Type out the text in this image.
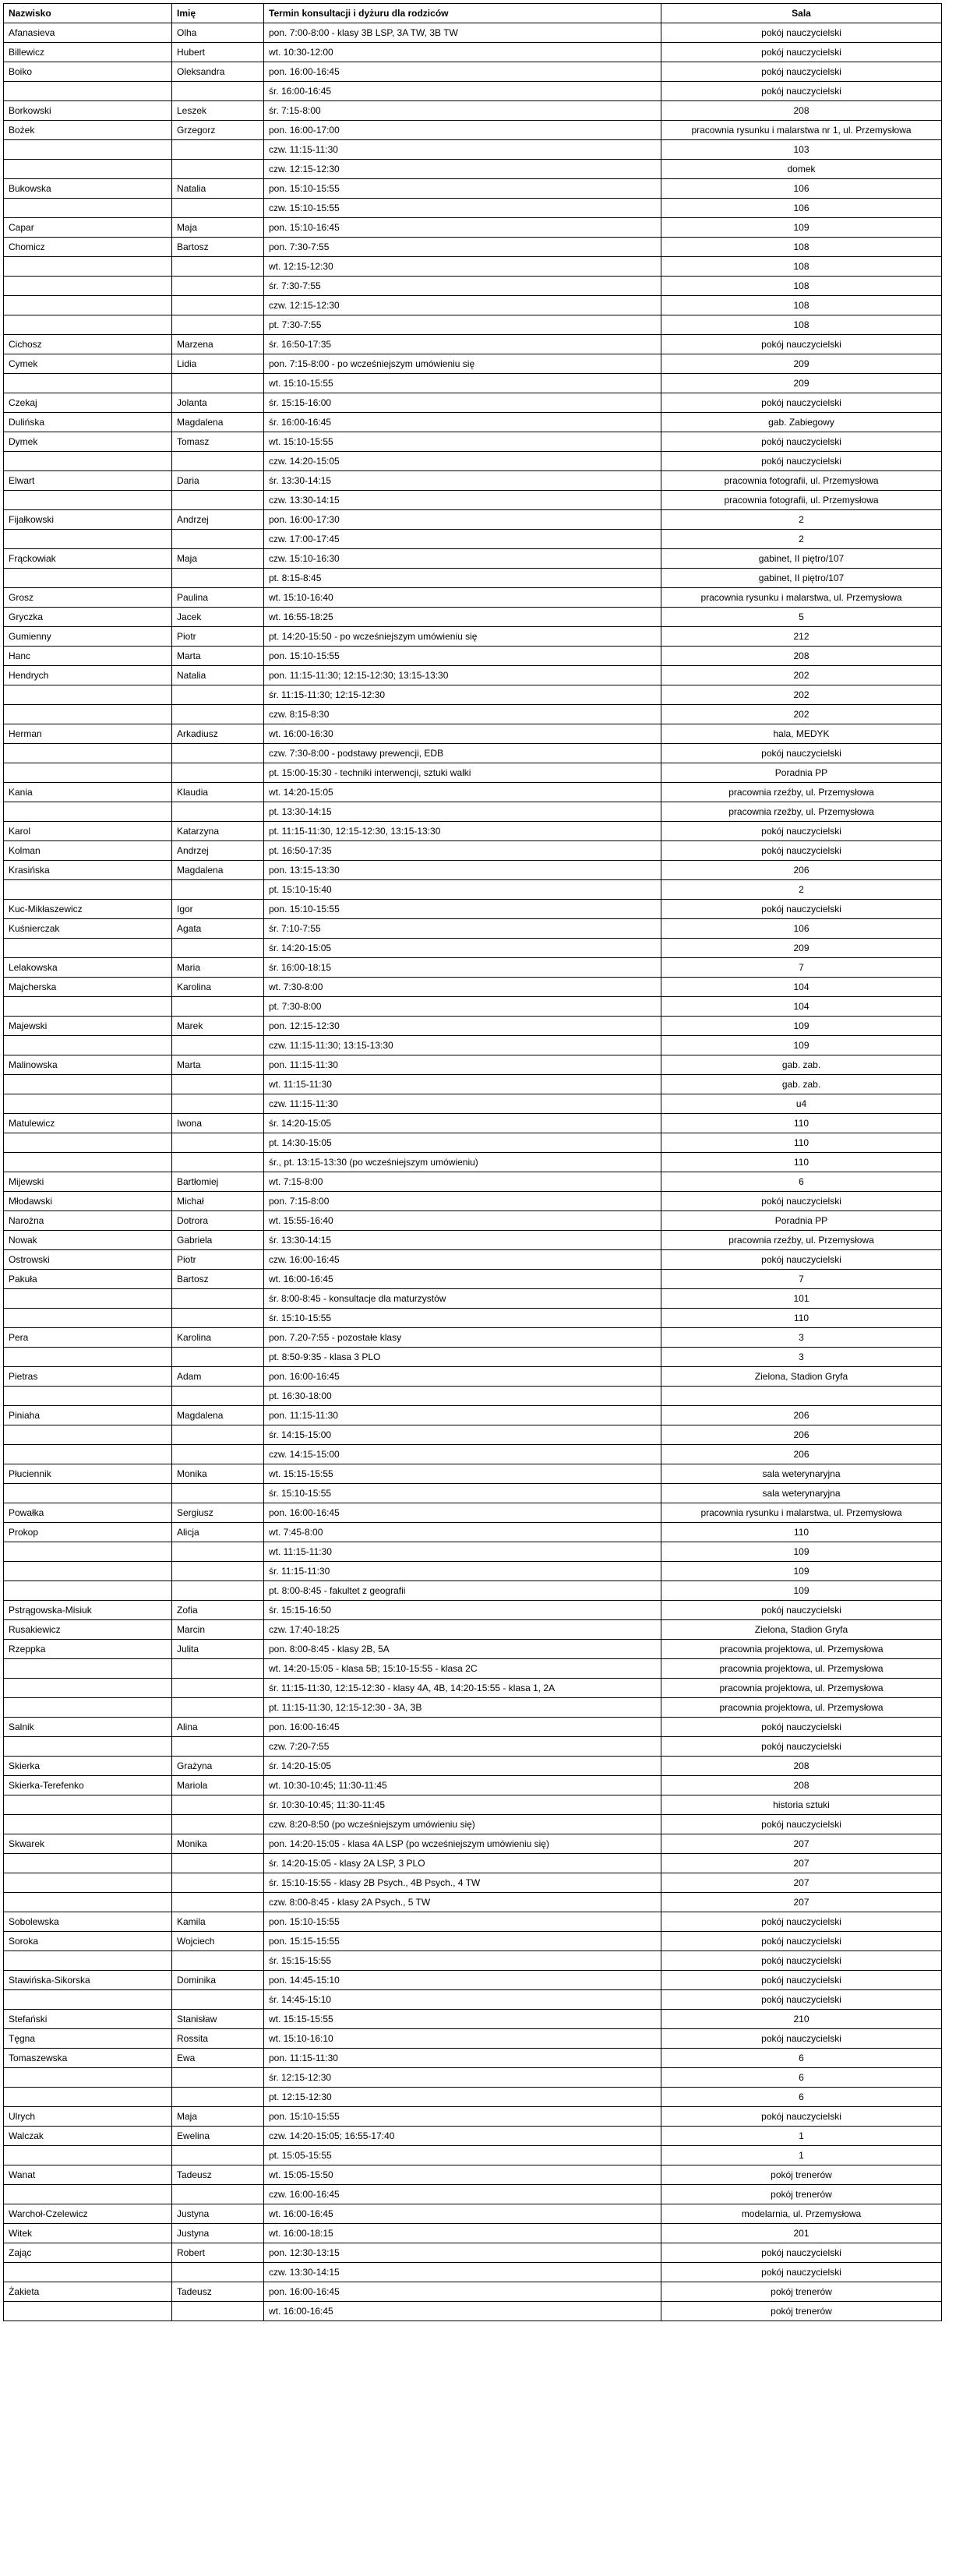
Nazwisko	Imię	Termin konsultacji i dyżuru dla rodziców	Sala
Afanasieva	Olha	pon. 7:00-8:00 - klasy 3B LSP, 3A TW, 3B TW	pokój nauczycielski
Billewicz	Hubert	wt. 10:30-12:00	pokój nauczycielski
Boiko	Oleksandra	pon. 16:00-16:45	pokój nauczycielski
		śr. 16:00-16:45	pokój nauczycielski
Borkowski	Leszek	śr. 7:15-8:00	208
Bożek	Grzegorz	pon. 16:00-17:00	pracownia rysunku i malarstwa nr 1, ul. Przemysłowa
		czw. 11:15-11:30	103
		czw. 12:15-12:30	domek
Bukowska	Natalia	pon. 15:10-15:55	106
		czw. 15:10-15:55	106
Capar	Maja	pon. 15:10-16:45	109
Chomicz	Bartosz	pon. 7:30-7:55	108
		wt. 12:15-12:30	108
		śr. 7:30-7:55	108
		czw. 12:15-12:30	108
		pt. 7:30-7:55	108
Cichosz	Marzena	śr. 16:50-17:35	pokój nauczycielski
Cymek	Lidia	pon. 7:15-8:00 - po wcześniejszym umówieniu się	209
		wt. 15:10-15:55	209
Czekaj	Jolanta	śr. 15:15-16:00	pokój nauczycielski
Dulińska	Magdalena	śr. 16:00-16:45	gab. Zabiegowy
Dymek	Tomasz	wt. 15:10-15:55	pokój nauczycielski
		czw. 14:20-15:05	pokój nauczycielski
Elwart	Daria	śr. 13:30-14:15	pracownia fotografii, ul. Przemysłowa
		czw. 13:30-14:15	pracownia fotografii, ul. Przemysłowa
Fijałkowski	Andrzej	pon. 16:00-17:30	2
		czw. 17:00-17:45	2
Frąckowiak	Maja	czw. 15:10-16:30	gabinet, II piętro/107
		pt. 8:15-8:45	gabinet, II piętro/107
Grosz	Paulina	wt. 15:10-16:40	pracownia rysunku i malarstwa, ul. Przemysłowa
Gryczka	Jacek	wt. 16:55-18:25	5
Gumienny	Piotr	pt. 14:20-15:50 - po wcześniejszym umówieniu się	212
Hanc	Marta	pon. 15:10-15:55	208
Hendrych	Natalia	pon. 11:15-11:30; 12:15-12:30; 13:15-13:30	202
		śr. 11:15-11:30; 12:15-12:30	202
		czw. 8:15-8:30	202
Herman	Arkadiusz	wt. 16:00-16:30	hala, MEDYK
		czw. 7:30-8:00 - podstawy prewencji, EDB	pokój nauczycielski
		pt. 15:00-15:30 - techniki interwencji, sztuki walki	Poradnia PP
Kania	Klaudia	wt. 14:20-15:05	pracownia rzeźby, ul. Przemysłowa
		pt. 13:30-14:15	pracownia rzeźby, ul. Przemysłowa
Karol	Katarzyna	pt. 11:15-11:30, 12:15-12:30, 13:15-13:30	pokój nauczycielski
Kolman	Andrzej	pt. 16:50-17:35	pokój nauczycielski
Krasińska	Magdalena	pon. 13:15-13:30	206
		pt. 15:10-15:40	2
Kuc-Mikłaszewicz	Igor	pon. 15:10-15:55	pokój nauczycielski
Kuśnierczak	Agata	śr. 7:10-7:55	106
		śr. 14:20-15:05	209
Lelakowska	Maria	śr. 16:00-18:15	7
Majcherska	Karolina	wt. 7:30-8:00	104
		pt. 7:30-8:00	104
Majewski	Marek	pon. 12:15-12:30	109
		czw. 11:15-11:30; 13:15-13:30	109
Malinowska	Marta	pon. 11:15-11:30	gab. zab.
		wt. 11:15-11:30	gab. zab.
		czw. 11:15-11:30	u4
Matulewicz	Iwona	śr. 14:20-15:05	110
		pt. 14:30-15:05	110
		śr., pt. 13:15-13:30 (po wcześniejszym umówieniu)	110
Mijewski	Bartłomiej	wt. 7:15-8:00	6
Młodawski	Michał	pon. 7:15-8:00	pokój nauczycielski
Narożna	Dotrora	wt. 15:55-16:40	Poradnia PP
Nowak	Gabriela	śr. 13:30-14:15	pracownia rzeźby, ul. Przemysłowa
Ostrowski	Piotr	czw. 16:00-16:45	pokój nauczycielski
Pakuła	Bartosz	wt. 16:00-16:45	7
		śr. 8:00-8:45 - konsultacje dla maturzystów	101
		śr. 15:10-15:55	110
Pera	Karolina	pon. 7.20-7:55 - pozostałe klasy	3
		pt. 8:50-9:35 - klasa 3 PLO	3
Pietras	Adam	pon. 16:00-16:45	Zielona, Stadion Gryfa
		pt. 16:30-18:00	
Piniaha	Magdalena	pon. 11:15-11:30	206
		śr. 14:15-15:00	206
		czw. 14:15-15:00	206
Płuciennik	Monika	wt. 15:15-15:55	sala weterynaryjna
		śr. 15:10-15:55	sala weterynaryjna
Powałka	Sergiusz	pon. 16:00-16:45	pracownia rysunku i malarstwa, ul. Przemysłowa
Prokop	Alicja	wt. 7:45-8:00	110
		wt. 11:15-11:30	109
		śr. 11:15-11:30	109
		pt. 8:00-8:45 - fakultet z geografii	109
Pstrągowska-Misiuk	Zofia	śr. 15:15-16:50	pokój nauczycielski
Rusakiewicz	Marcin	czw. 17:40-18:25	Zielona, Stadion Gryfa
Rzeppka	Julita	pon. 8:00-8:45 - klasy 2B, 5A	pracownia projektowa, ul. Przemysłowa
		wt. 14:20-15:05 - klasa 5B; 15:10-15:55 - klasa 2C	pracownia projektowa, ul. Przemysłowa
		śr. 11:15-11:30, 12:15-12:30 - klasy 4A, 4B, 14:20-15:55 - klasa 1, 2A	pracownia projektowa, ul. Przemysłowa
		pt. 11:15-11:30, 12:15-12:30 - 3A, 3B	pracownia projektowa, ul. Przemysłowa
Salnik	Alina	pon. 16:00-16:45	pokój nauczycielski
		czw. 7:20-7:55	pokój nauczycielski
Skierka	Grażyna	śr. 14:20-15:05	208
Skierka-Terefenko	Mariola	wt. 10:30-10:45; 11:30-11:45	208
		śr. 10:30-10:45; 11:30-11:45	historia sztuki
		czw. 8:20-8:50 (po wcześniejszym umówieniu się)	pokój nauczycielski
Skwarek	Monika	pon. 14:20-15:05 - klasa 4A LSP (po wcześniejszym umówieniu się)	207
		śr. 14:20-15:05 - klasy 2A LSP, 3 PLO	207
		śr. 15:10-15:55 - klasy 2B Psych., 4B Psych., 4 TW	207
		czw. 8:00-8:45 - klasy 2A Psych., 5 TW	207
Sobolewska	Kamila	pon. 15:10-15:55	pokój nauczycielski
Soroka	Wojciech	pon. 15:15-15:55	pokój nauczycielski
		śr. 15:15-15:55	pokój nauczycielski
Stawińska-Sikorska	Dominika	pon. 14:45-15:10	pokój nauczycielski
		śr. 14:45-15:10	pokój nauczycielski
Stefański	Stanisław	wt. 15:15-15:55	210
Tęgna	Rossita	wt. 15:10-16:10	pokój nauczycielski
Tomaszewska	Ewa	pon. 11:15-11:30	6
		śr. 12:15-12:30	6
		pt. 12:15-12:30	6
Ulrych	Maja	pon. 15:10-15:55	pokój nauczycielski
Walczak	Ewelina	czw. 14:20-15:05; 16:55-17:40	1
		pt. 15:05-15:55	1
Wanat	Tadeusz	wt. 15:05-15:50	pokój trenerów
		czw. 16:00-16:45	pokój trenerów
Warchoł-Czelewicz	Justyna	wt. 16:00-16:45	modelarnia, ul. Przemysłowa
Witek	Justyna	wt. 16:00-18:15	201
Zając	Robert	pon. 12:30-13:15	pokój nauczycielski
		czw. 13:30-14:15	pokój nauczycielski
Żakieta	Tadeusz	pon. 16:00-16:45	pokój trenerów
		wt. 16:00-16:45	pokój trenerów
